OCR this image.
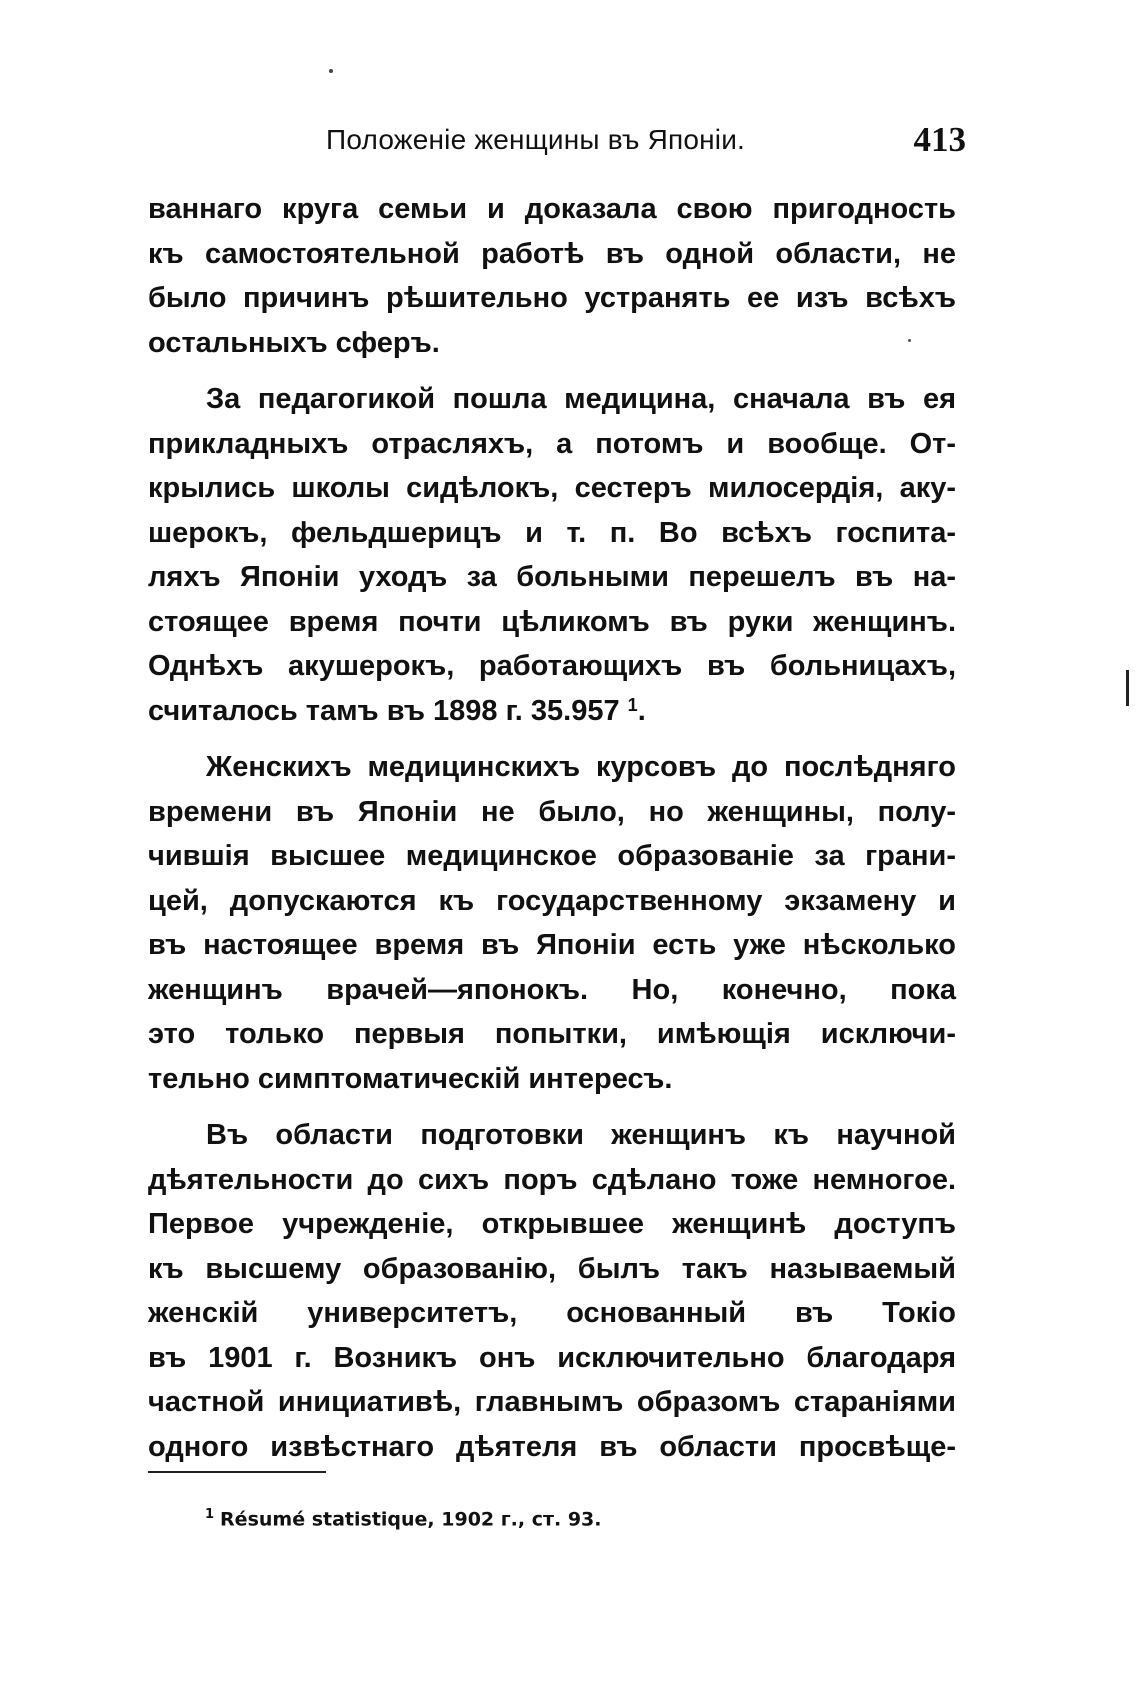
Положеніе женщины въ Японіи.	413

ваннаго круга семьи и доказала свою пригодность
къ самостоятельной работѣ въ одной области, не
было причинъ рѣшительно устранять ее изъ всѣхъ
остальныхъ сферъ.

За педагогикой пошла медицина, сначала въ ея
прикладныхъ отрасляхъ, а потомъ и вообще. От-
крылись школы сидѣлокъ, сестеръ милосердія, аку-
шерокъ, фельдшерицъ и т. п. Во всѣхъ госпита-
ляхъ Японіи уходъ за больными перешелъ въ на-
стоящее время почти цѣликомъ въ руки женщинъ.
Однѣхъ акушерокъ, работающихъ въ больницахъ,
считалось тамъ въ 1898 г. 35.957 $^1$.

Женскихъ медицинскихъ курсовъ до послѣдняго
времени въ Японіи не было, но женщины, полу-
чившія высшее медицинское образованіе за грани-
цей, допускаются къ государственному экзамену и
въ настоящее время въ Японіи есть уже нѣсколько
женщинъ врачей—японокъ. Но, конечно, пока
это только первыя попытки, имѣющія исключи-
тельно симптоматическій интересъ.

Въ области подготовки женщинъ къ научной
дѣятельности до сихъ поръ сдѣлано тоже немногое.
Первое учрежденіе, открывшее женщинѣ доступъ
къ высшему образованію, былъ такъ называемый
женскій университетъ, основанный въ Токіо
въ 1901 г. Возникъ онъ исключительно благодаря
частной инициативѣ, главнымъ образомъ стараніями
одного извѣстнаго дѣятеля въ области просвѣще-

$^1$ Résumé statistique, 1902 г., ст. 93.
